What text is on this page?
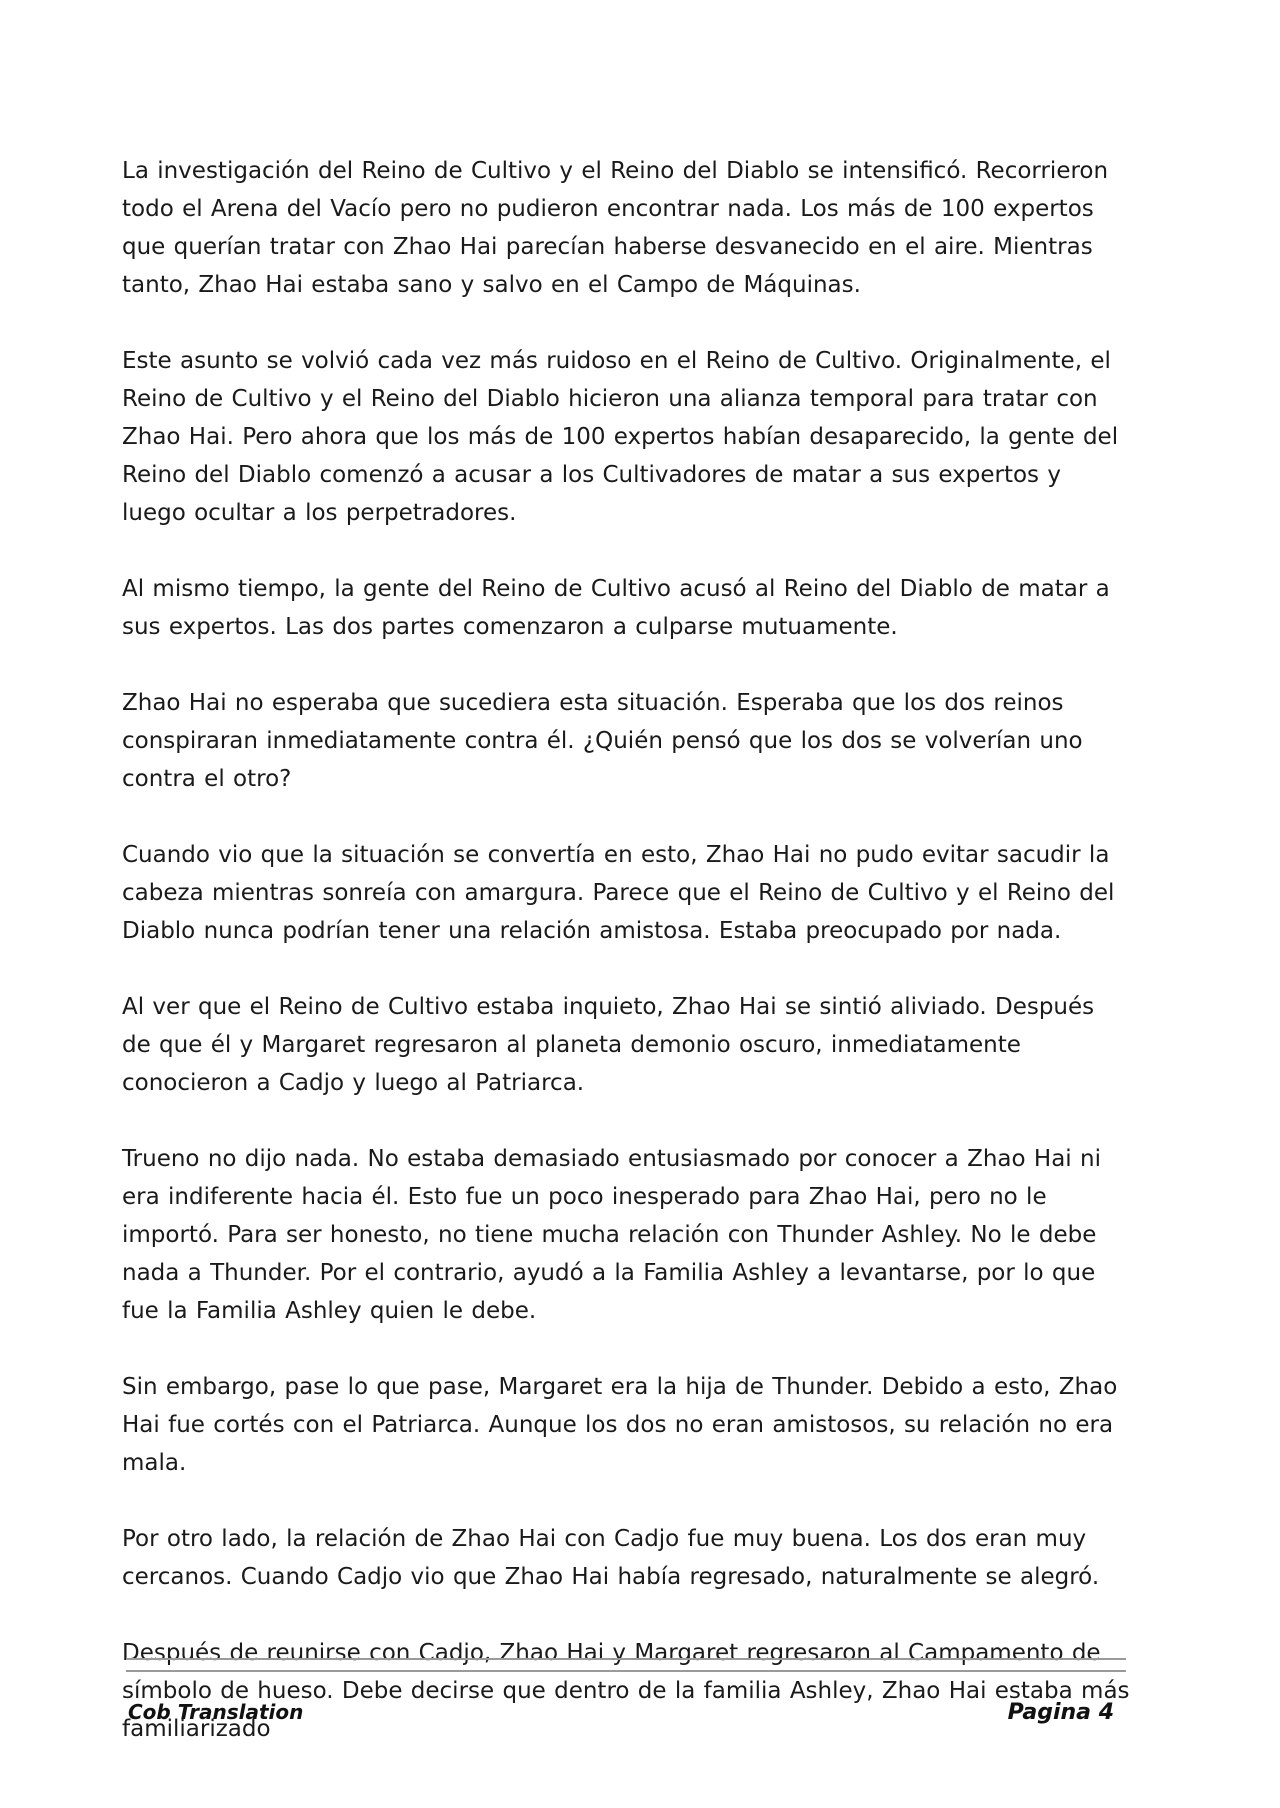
La investigación del Reino de Cultivo y el Reino del Diablo se intensificó. Recorrieron todo el Arena del Vacío pero no pudieron encontrar nada. Los más de 100 expertos que querían tratar con Zhao Hai parecían haberse desvanecido en el aire. Mientras tanto, Zhao Hai estaba sano y salvo en el Campo de Máquinas.

Este asunto se volvió cada vez más ruidoso en el Reino de Cultivo. Originalmente, el Reino de Cultivo y el Reino del Diablo hicieron una alianza temporal para tratar con Zhao Hai. Pero ahora que los más de 100 expertos habían desaparecido, la gente del Reino del Diablo comenzó a acusar a los Cultivadores de matar a sus expertos y luego ocultar a los perpetradores.

Al mismo tiempo, la gente del Reino de Cultivo acusó al Reino del Diablo de matar a sus expertos. Las dos partes comenzaron a culparse mutuamente.

Zhao Hai no esperaba que sucediera esta situación. Esperaba que los dos reinos conspiraran inmediatamente contra él. ¿Quién pensó que los dos se volverían uno contra el otro?

Cuando vio que la situación se convertía en esto, Zhao Hai no pudo evitar sacudir la cabeza mientras sonreía con amargura. Parece que el Reino de Cultivo y el Reino del Diablo nunca podrían tener una relación amistosa. Estaba preocupado por nada.

Al ver que el Reino de Cultivo estaba inquieto, Zhao Hai se sintió aliviado. Después de que él y Margaret regresaron al planeta demonio oscuro, inmediatamente conocieron a Cadjo y luego al Patriarca.

Trueno no dijo nada. No estaba demasiado entusiasmado por conocer a Zhao Hai ni era indiferente hacia él. Esto fue un poco inesperado para Zhao Hai, pero no le importó. Para ser honesto, no tiene mucha relación con Thunder Ashley. No le debe nada a Thunder. Por el contrario, ayudó a la Familia Ashley a levantarse, por lo que fue la Familia Ashley quien le debe.

Sin embargo, pase lo que pase, Margaret era la hija de Thunder. Debido a esto, Zhao Hai fue cortés con el Patriarca. Aunque los dos no eran amistosos, su relación no era mala.

Por otro lado, la relación de Zhao Hai con Cadjo fue muy buena. Los dos eran muy cercanos. Cuando Cadjo vio que Zhao Hai había regresado, naturalmente se alegró.

Después de reunirse con Cadjo, Zhao Hai y Margaret regresaron al Campamento de símbolo de hueso. Debe decirse que dentro de la familia Ashley, Zhao Hai estaba más familiarizado

Cob Translation	Pagina 4
